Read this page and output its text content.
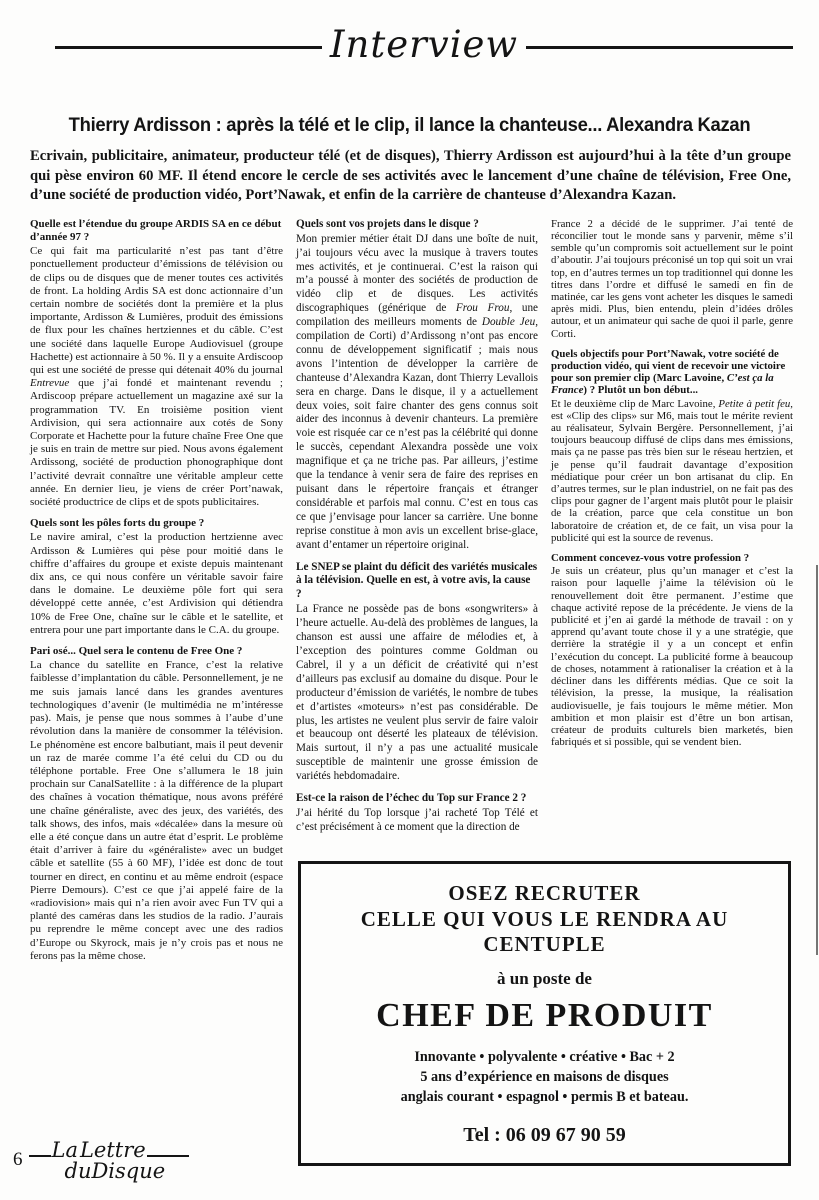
Interview
Thierry Ardisson : après la télé et le clip, il lance la chanteuse... Alexandra Kazan

Ecrivain, publicitaire, animateur, producteur télé (et de disques), Thierry Ardisson est aujourd’hui à la tête d’un groupe qui pèse environ 60 MF. Il étend encore le cercle de ses activités avec le lancement d’une chaîne de télévision, Free One, d’une société de production vidéo, Port’Nawak, et enfin de la carrière de chanteuse d’Alexandra Kazan.

Quelle est l’étendue du groupe ARDIS SA en ce début d’année 97 ?

Ce qui fait ma particularité n’est pas tant d’être ponctuellement producteur d’émissions de télévision ou de clips ou de disques que de mener toutes ces activités de front. La holding Ardis SA est donc actionnaire d’un certain nombre de sociétés dont la première et la plus importante, Ardisson & Lumières, produit des émissions de flux pour les chaînes hertziennes et du câble. C’est une société dans laquelle Europe Audiovisuel (groupe Hachette) est actionnaire à 50 %. Il y a ensuite Ardiscoop qui est une société de presse qui détenait 40% du journal Entrevue que j’ai fondé et maintenant revendu ; Ardiscoop prépare actuellement un magazine axé sur la programmation TV. En troisième position vient Ardivision, qui sera actionnaire aux cotés de Sony Corporate et Hachette pour la future chaîne Free One que je suis en train de mettre sur pied. Nous avons également Ardissong, société de production phonographique dont l’activité devrait connaître une véritable ampleur cette année. En dernier lieu, je viens de créer Port’nawak, société productrice de clips et de spots publicitaires.

Quels sont les pôles forts du groupe ?

Le navire amiral, c’est la production hertzienne avec Ardisson & Lumières qui pèse pour moitié dans le chiffre d’affaires du groupe et existe depuis maintenant dix ans, ce qui nous confère un véritable savoir faire dans le domaine. Le deuxième pôle fort qui sera développé cette année, c’est Ardivision qui détiendra 10% de Free One, chaîne sur le câble et le satellite, et entrera pour une part importante dans le C.A. du groupe.

Pari osé... Quel sera le contenu de Free One ?

La chance du satellite en France, c’est la relative faiblesse d’implantation du câble. Personnellement, je ne me suis jamais lancé dans les grandes aventures technologiques d’avenir (le multimédia ne m’intéresse pas). Mais, je pense que nous sommes à l’aube d’une révolution dans la manière de consommer la télévision. Le phénomène est encore balbutiant, mais il peut devenir un raz de marée comme l’a été celui du CD ou du téléphone portable. Free One s’allumera le 18 juin prochain sur CanalSatellite : à la différence de la plupart des chaînes à vocation thématique, nous avons préféré une chaîne généraliste, avec des jeux, des variétés, des talk shows, des infos, mais «décalée» dans la mesure où elle a été conçue dans un autre état d’esprit. Le problème était d’arriver à faire du «généraliste» avec un budget câble et satellite (55 à 60 MF), l’idée est donc de tout tourner en direct, en continu et au même endroit (espace Pierre Demours). C’est ce que j’ai appelé faire de la «radiovision» mais qui n’a rien avoir avec Fun TV qui a planté des caméras dans les studios de la radio. J’aurais pu reprendre le même concept avec une des radios d’Europe ou Skyrock, mais je n’y crois pas et nous ne ferons pas la même chose.

Quels sont vos projets dans le disque ?

Mon premier métier était DJ dans une boîte de nuit, j’ai toujours vécu avec la musique à travers toutes mes activités, et je continuerai. C’est la raison qui m’a poussé à monter des sociétés de production de vidéo clip et de disques. Les activités discographiques (générique de Frou Frou, une compilation des meilleurs moments de Double Jeu, compilation de Corti) d’Ardissong n’ont pas encore connu de développement significatif ; mais nous avons l’intention de développer la carrière de chanteuse d’Alexandra Kazan, dont Thierry Levallois sera en charge. Dans le disque, il y a actuellement deux voies, soit faire chanter des gens connus soit aider des inconnus à devenir chanteurs. La première voie est risquée car ce n’est pas la célébrité qui donne le succès, cependant Alexandra possède une voix magnifique et ça ne triche pas. Par ailleurs, j’estime que la tendance à venir sera de faire des reprises en puisant dans le répertoire français et étranger considérable et parfois mal connu. C’est en tous cas ce que j’envisage pour lancer sa carrière. Une bonne reprise constitue à mon avis un excellent brise-glace, avant d’entamer un répertoire original.

Le SNEP se plaint du déficit des variétés musicales à la télévision. Quelle en est, à votre avis, la cause ?

La France ne possède pas de bons «songwriters» à l’heure actuelle. Au-delà des problèmes de langues, la chanson est aussi une affaire de mélodies et, à l’exception des pointures comme Goldman ou Cabrel, il y a un déficit de créativité qui n’est d’ailleurs pas exclusif au domaine du disque. Pour le producteur d’émission de variétés, le nombre de tubes et d’artistes «moteurs» n’est pas considérable. De plus, les artistes ne veulent plus servir de faire valoir et beaucoup ont déserté les plateaux de télévision. Mais surtout, il n’y a pas une actualité musicale susceptible de maintenir une grosse émission de variétés hebdomadaire.

Est-ce la raison de l’échec du Top sur France 2 ?

J’ai hérité du Top lorsque j’ai racheté Top Télé et c’est précisément à ce moment que la direction de

France 2 a décidé de le supprimer. J’ai tenté de réconcilier tout le monde sans y parvenir, même s’il semble qu’un compromis soit actuellement sur le point d’aboutir. J’ai toujours préconisé un top qui soit un vrai top, en d’autres termes un top traditionnel qui donne les titres dans l’ordre et diffusé le samedi en fin de matinée, car les gens vont acheter les disques le samedi après midi. Plus, bien entendu, plein d’idées drôles autour, et un animateur qui sache de quoi il parle, genre Corti.

Quels objectifs pour Port’Nawak, votre société de production vidéo, qui vient de recevoir une victoire pour son premier clip (Marc Lavoine, C’est ça la France) ? Plutôt un bon début...

Et le deuxième clip de Marc Lavoine, Petite à petit feu, est «Clip des clips» sur M6, mais tout le mérite revient au réalisateur, Sylvain Bergère. Personnellement, j’ai toujours beaucoup diffusé de clips dans mes émissions, mais ça ne passe pas très bien sur le réseau hertzien, et je pense qu’il faudrait davantage d’exposition médiatique pour créer un bon artisanat du clip. En d’autres termes, sur le plan industriel, on ne fait pas des clips pour gagner de l’argent mais plutôt pour le plaisir de la création, parce que cela constitue un bon laboratoire de création et, de ce fait, un visa pour la publicité qui est la source de revenus.

Comment concevez-vous votre profession ?

Je suis un créateur, plus qu’un manager et c’est la raison pour laquelle j’aime la télévision où le renouvellement doit être permanent. J’estime que chaque activité repose de la précédente. Je viens de la publicité et j’en ai gardé la méthode de travail : on y apprend qu’avant toute chose il y a une stratégie, que derrière la stratégie il y a un concept et enfin l’exécution du concept. La publicité forme à beaucoup de choses, notamment à rationaliser la création et à la décliner dans les différents médias. Que ce soit la télévision, la presse, la musique, la réalisation audiovisuelle, je fais toujours le même métier. Mon ambition et mon plaisir est d’être un bon artisan, créateur de produits culturels bien marketés, bien fabriqués et si possible, qui se vendent bien.

OSEZ RECRUTER
CELLE QUI VOUS LE RENDRA AU CENTUPLE
à un poste de
CHEF DE PRODUIT
Innovante • polyvalente • créative • Bac + 2
5 ans d’expérience en maisons de disques
anglais courant • espagnol • permis B et bateau.
Tel : 06 09 67 90 59
6 La Lettre
duDisque
